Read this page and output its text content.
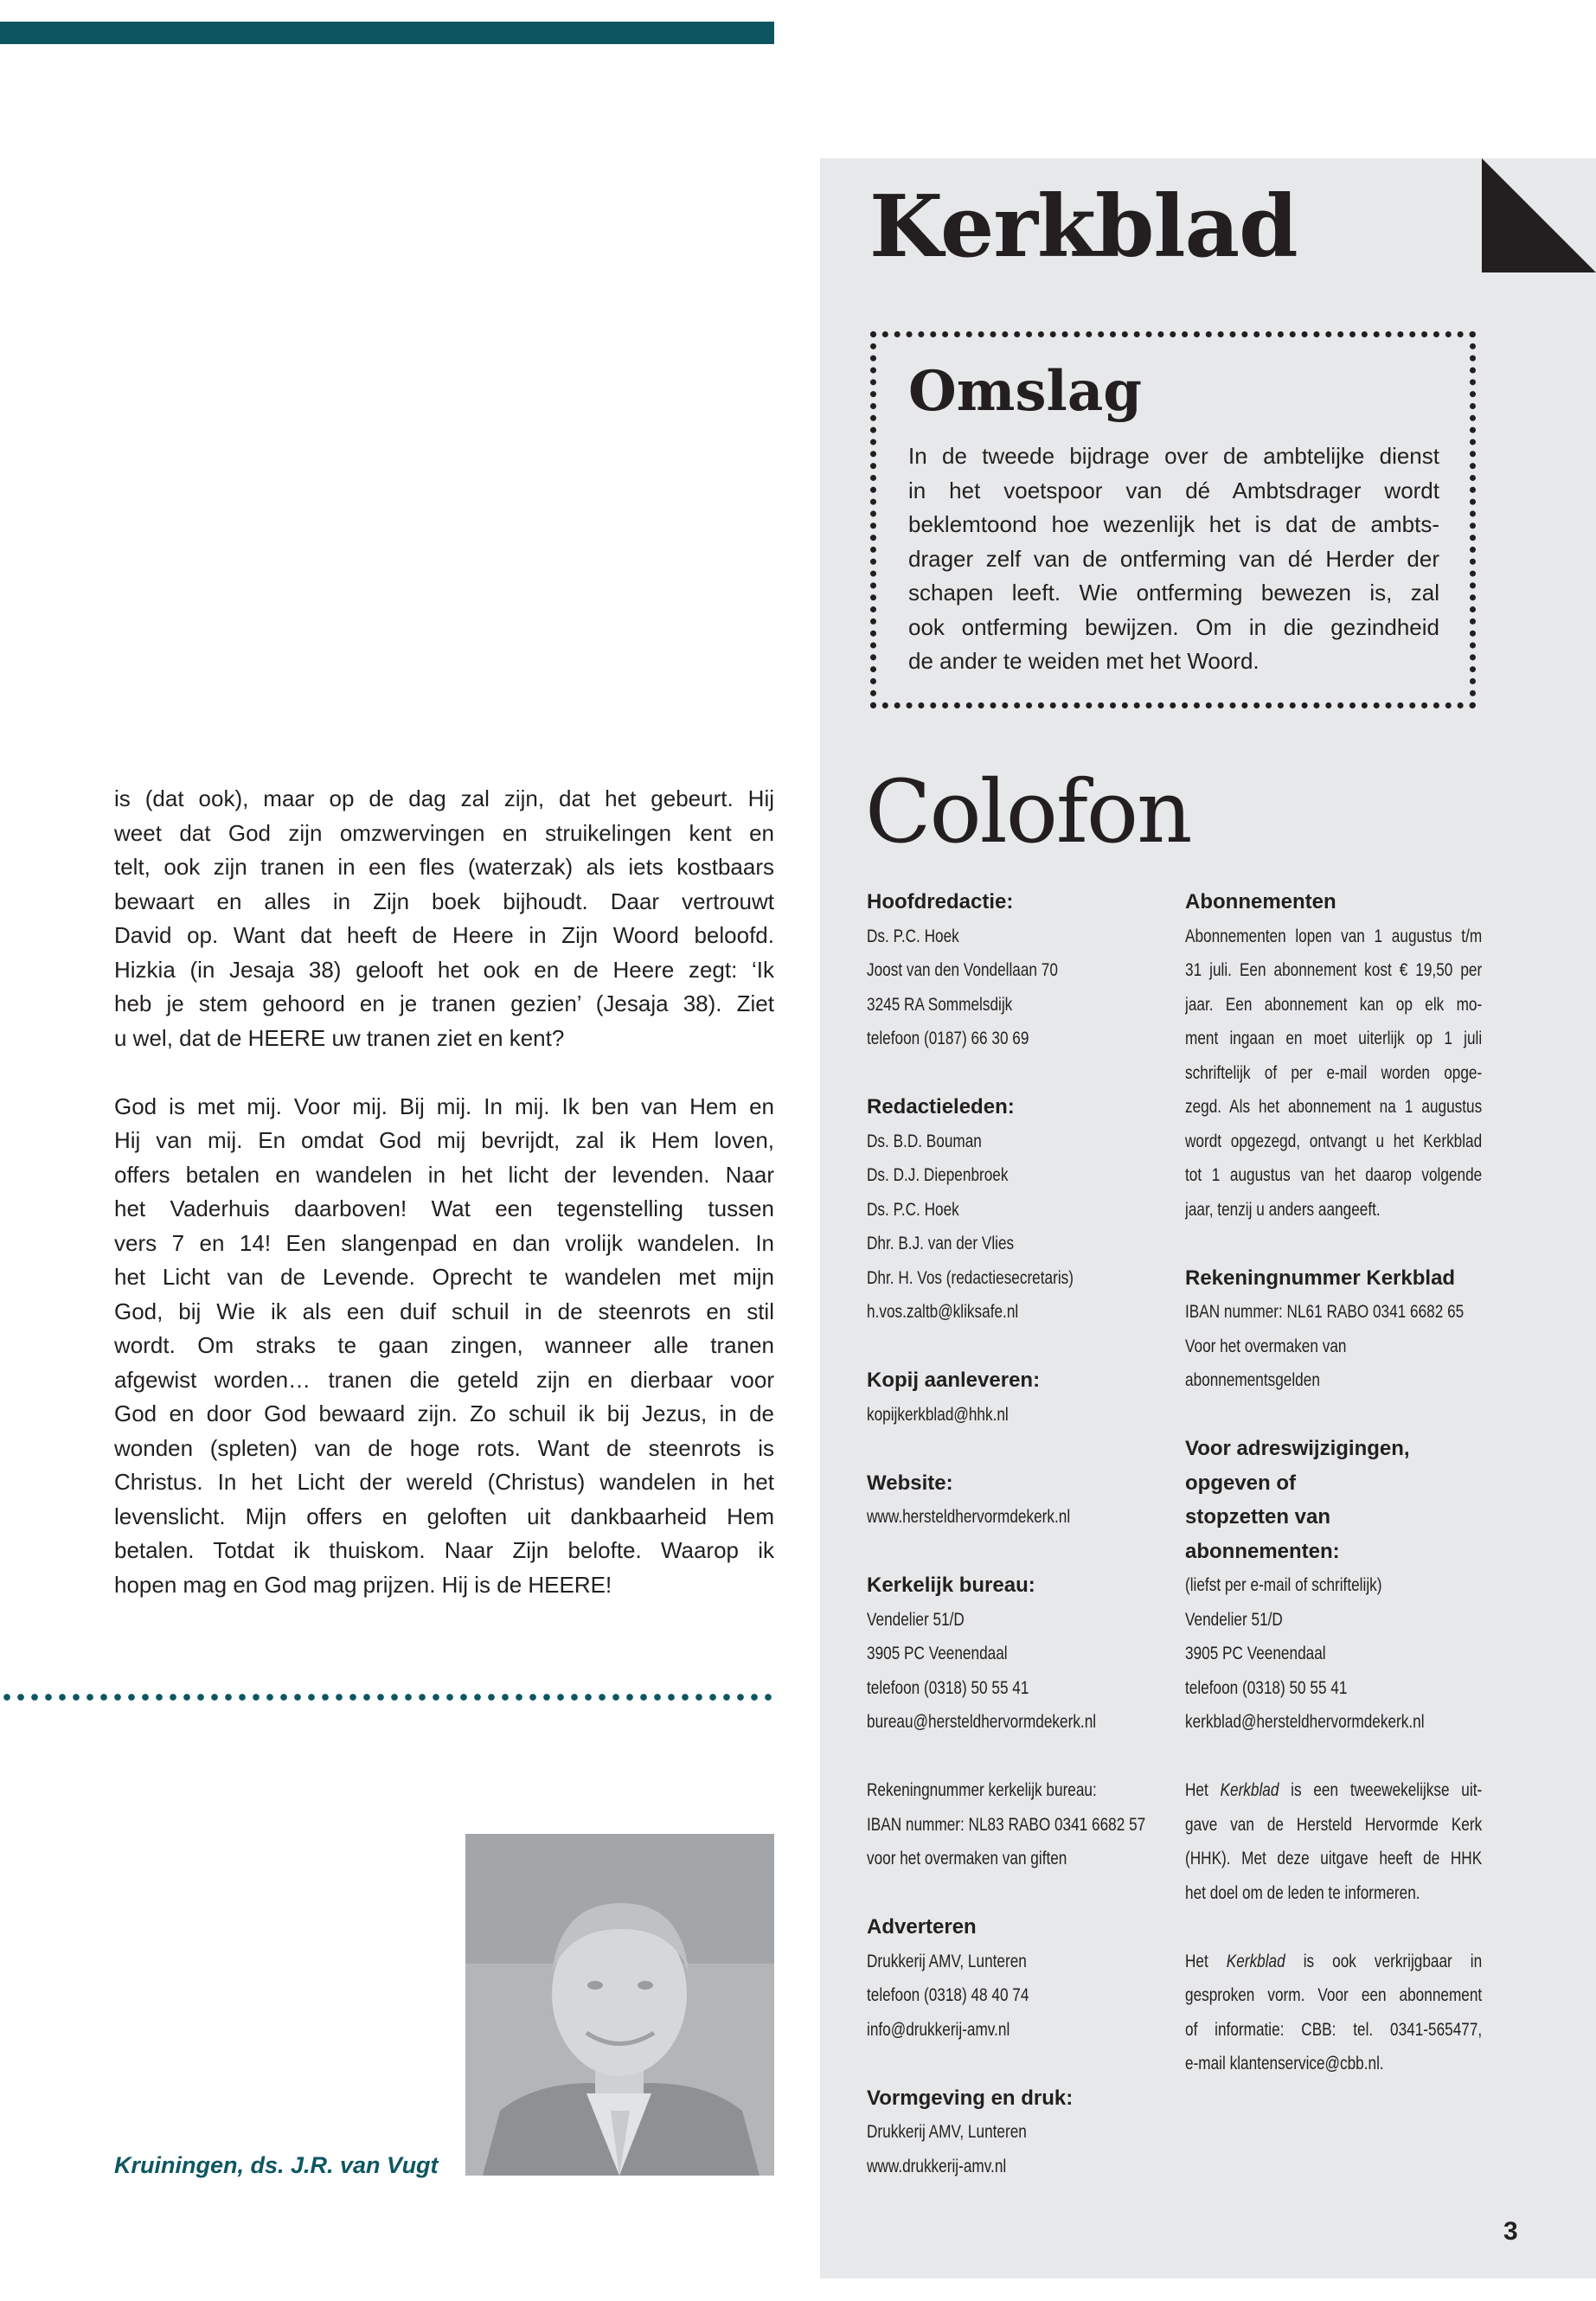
Kerkblad
Omslag
In de tweede bijdrage over de ambtelijke dienst
in het voetspoor van dé Ambtsdrager wordt
beklemtoond hoe wezenlijk het is dat de ambts-
drager zelf van de ontferming van dé Herder der
schapen leeft. Wie ontferming bewezen is, zal
ook ontferming bewijzen. Om in die gezindheid
de ander te weiden met het Woord.
is (dat ook), maar op de dag zal zijn, dat het gebeurt. Hij
weet dat God zijn omzwervingen en struikelingen kent en
telt, ook zijn tranen in een fles (waterzak) als iets kostbaars
bewaart en alles in Zijn boek bijhoudt. Daar vertrouwt
David op. Want dat heeft de Heere in Zijn Woord beloofd.
Hizkia (in Jesaja 38) gelooft het ook en de Heere zegt: ‘Ik
heb je stem gehoord en je tranen gezien’ (Jesaja 38). Ziet
u wel, dat de HEERE uw tranen ziet en kent?
God is met mij. Voor mij. Bij mij. In mij. Ik ben van Hem en
Hij van mij. En omdat God mij bevrijdt, zal ik Hem loven,
offers betalen en wandelen in het licht der levenden. Naar
het Vaderhuis daarboven! Wat een tegenstelling tussen
vers 7 en 14! Een slangenpad en dan vrolijk wandelen. In
het Licht van de Levende. Oprecht te wandelen met mijn
God, bij Wie ik als een duif schuil in de steenrots en stil
wordt. Om straks te gaan zingen, wanneer alle tranen
afgewist worden… tranen die geteld zijn en dierbaar voor
God en door God bewaard zijn. Zo schuil ik bij Jezus, in de
wonden (spleten) van de hoge rots. Want de steenrots is
Christus. In het Licht der wereld (Christus) wandelen in het
levenslicht. Mijn offers en geloften uit dankbaarheid Hem
betalen. Totdat ik thuiskom. Naar Zijn belofte. Waarop ik
hopen mag en God mag prijzen. Hij is de HEERE!
Colofon
Hoofdredactie:
Ds. P.C. Hoek
Joost van den Vondellaan 70
3245 RA Sommelsdijk
telefoon (0187) 66 30 69
Redactieleden:
Ds. B.D. Bouman
Ds. D.J. Diepenbroek
Ds. P.C. Hoek
Dhr. B.J. van der Vlies
Dhr. H. Vos (redactiesecretaris)
h.vos.zaltb@kliksafe.nl
Kopij aanleveren:
kopijkerkblad@hhk.nl
Website:
www.hersteldhervormdekerk.nl
Kerkelijk bureau:
Vendelier 51/D
3905 PC Veenendaal
telefoon (0318) 50 55 41
bureau@hersteldhervormdekerk.nl
Rekeningnummer kerkelijk bureau:
IBAN nummer: NL83 RABO 0341 6682 57
voor het overmaken van giften
Adverteren
Drukkerij AMV, Lunteren
telefoon (0318) 48 40 74
info@drukkerij-amv.nl
Vormgeving en druk:
Drukkerij AMV, Lunteren
www.drukkerij-amv.nl
Abonnementen
Abonnementen lopen van 1 augustus t/m
31 juli. Een abonnement kost € 19,50 per
jaar. Een abonnement kan op elk mo-
ment ingaan en moet uiterlijk op 1 juli
schriftelijk of per e-mail worden opge-
zegd. Als het abonnement na 1 augustus
wordt opgezegd, ontvangt u het Kerkblad
tot 1 augustus van het daarop volgende
jaar, tenzij u anders aangeeft.
Rekeningnummer Kerkblad
IBAN nummer: NL61 RABO 0341 6682 65
Voor het overmaken van
abonnementsgelden
Voor adreswijzigingen,
opgeven of
stopzetten van
abonnementen:
(liefst per e-mail of schriftelijk)
Vendelier 51/D
3905 PC Veenendaal
telefoon (0318) 50 55 41
kerkblad@hersteldhervormdekerk.nl
Het Kerkblad is een tweewekelijkse uit-
gave van de Hersteld Hervormde Kerk
(HHK). Met deze uitgave heeft de HHK
het doel om de leden te informeren.
Het Kerkblad is ook verkrijgbaar in
gesproken vorm. Voor een abonnement
of informatie: CBB: tel. 0341-565477,
e-mail klantenservice@cbb.nl.
Kruiningen, ds. J.R. van Vugt
3
